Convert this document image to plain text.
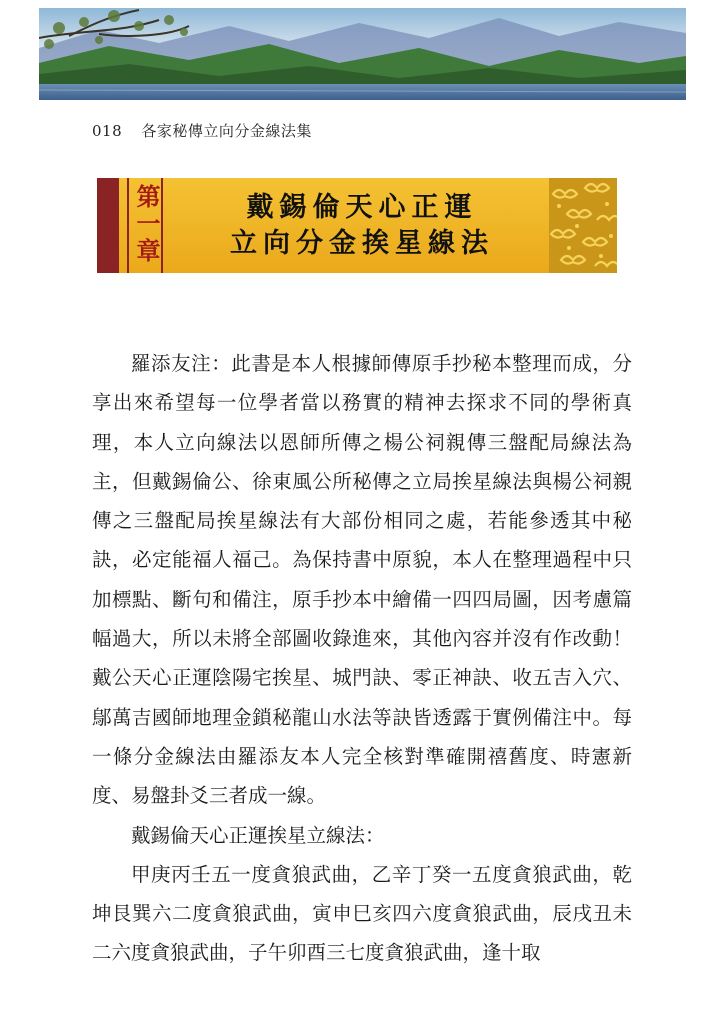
018 各家秘傳立向分金線法集
第一章	戴錫倫天心正運
立向分金挨星線法

羅添友注：此書是本人根據師傳原手抄秘本整理而成，分享出來希望每一位學者當以務實的精神去探求不同的學術真理，本人立向線法以恩師所傳之楊公祠親傳三盤配局線法為主，但戴錫倫公、徐東風公所秘傳之立局挨星線法與楊公祠親傳之三盤配局挨星線法有大部份相同之處，若能參透其中秘訣，必定能福人福己。為保持書中原貌，本人在整理過程中只加標點、斷句和備注，原手抄本中繪備一四四局圖，因考慮篇幅過大，所以未將全部圖收錄進來，其他內容并沒有作改動！戴公天心正運陰陽宅挨星、城門訣、零正神訣、收五吉入穴、鄔萬吉國師地理金鎖秘龍山水法等訣皆透露于實例備注中。每一條分金線法由羅添友本人完全核對準確開禧舊度、時憲新度、易盤卦爻三者成一線。

戴錫倫天心正運挨星立線法：

甲庚丙壬五一度貪狼武曲，乙辛丁癸一五度貪狼武曲，乾坤艮巽六二度貪狼武曲，寅申巳亥四六度貪狼武曲，辰戌丑未二六度貪狼武曲，子午卯酉三七度貪狼武曲，逢十取
